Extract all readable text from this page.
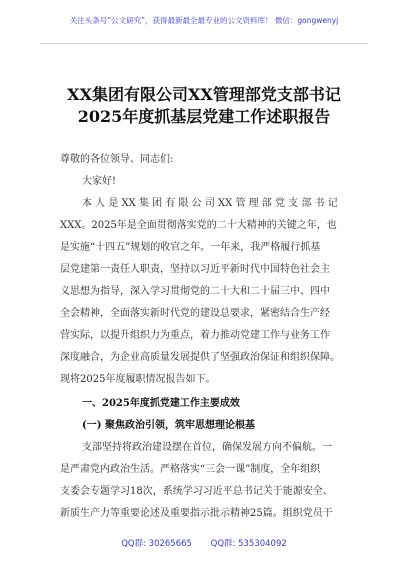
关注头条号“公文研究”，获得最新最全最专业的公文资料库！ 微信：gongwenyj
XX集团有限公司XX管理部党支部书记
2025年度抓基层党建工作述职报告
尊敬的各位领导、同志们:
大家好!
本 人 是 XX 集 团 有 限 公 司 XX 管 理 部 党 支 部 书 记
XXX。2025年是全面贯彻落实党的二十大精神的关键之年，也
是实施“十四五”规划的收官之年。一年来，我严格履行抓基
层党建第一责任人职责，坚持以习近平新时代中国特色社会主
义思想为指导，深入学习贯彻党的二十大和二十届三中、四中
全会精神，全面落实新时代党的建设总要求，紧密结合生产经
营实际，以提升组织力为重点，着力推动党建工作与业务工作
深度融合，为企业高质量发展提供了坚强政治保证和组织保障。
现将2025年度履职情况报告如下。
一、2025年度抓党建工作主要成效
(一) 聚焦政治引领，筑牢思想理论根基
支部坚持将政治建设摆在首位，确保发展方向不偏航。一
是严肃党内政治生活。严格落实“三会一课”制度，全年组织
支委会专题学习18次，系统学习习近平总书记关于能源安全、
新质生产力等重要论述及重要指示批示精神25篇。组织党员干
QQ群: 30265665 QQ群: 535304092
